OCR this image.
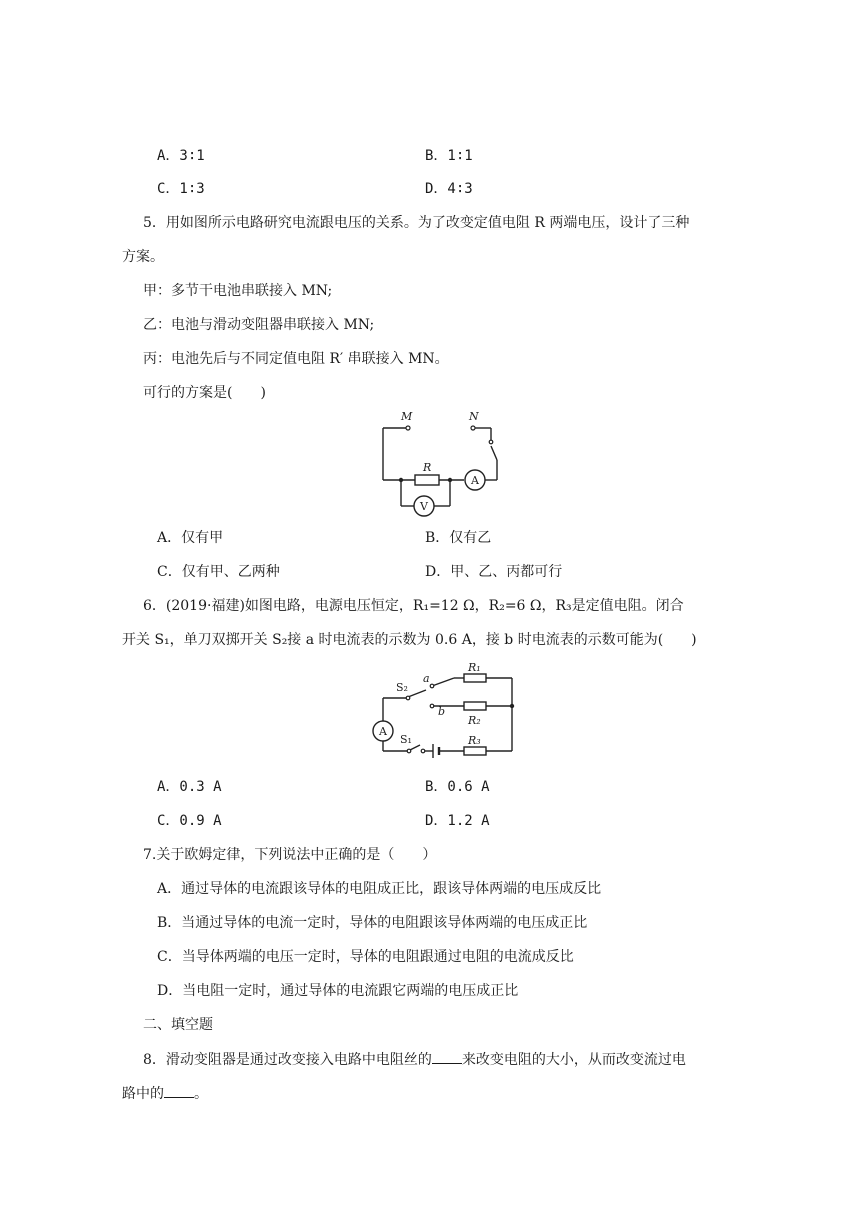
A．3∶1	B．1∶1
C．1∶3	D．4∶3
5．用如图所示电路研究电流跟电压的关系。为了改变定值电阻 R 两端电压，设计了三种
方案。
甲：多节干电池串联接入 MN;
乙：电池与滑动变阻器串联接入 MN;
丙：电池先后与不同定值电阻 R′ 串联接入 MN。
可行的方案是(　　)
M	N
R
A
V
A．仅有甲	B．仅有乙
C．仅有甲、乙两种	D．甲、乙、丙都可行
6．(2019·福建)如图电路，电源电压恒定，R₁=12 Ω，R₂=6 Ω，R₃是定值电阻。闭合
开关 S₁，单刀双掷开关 S₂接 a 时电流表的示数为 0.6 A，接 b 时电流表的示数可能为(　　)
a
b
R₁
R₂
R₃
S₁
S₂
A
A．0.3 A	B．0.6 A
C．0.9 A	D．1.2 A
7.关于欧姆定律，下列说法中正确的是（　　）
A．通过导体的电流跟该导体的电阻成正比，跟该导体两端的电压成反比
B．当通过导体的电流一定时，导体的电阻跟该导体两端的电压成正比
C．当导体两端的电压一定时，导体的电阻跟通过电阻的电流成反比
D．当电阻一定时，通过导体的电流跟它两端的电压成正比
二、填空题
8．滑动变阻器是通过改变接入电路中电阻丝的 来改变电阻的大小，从而改变流过电
路中的 。
